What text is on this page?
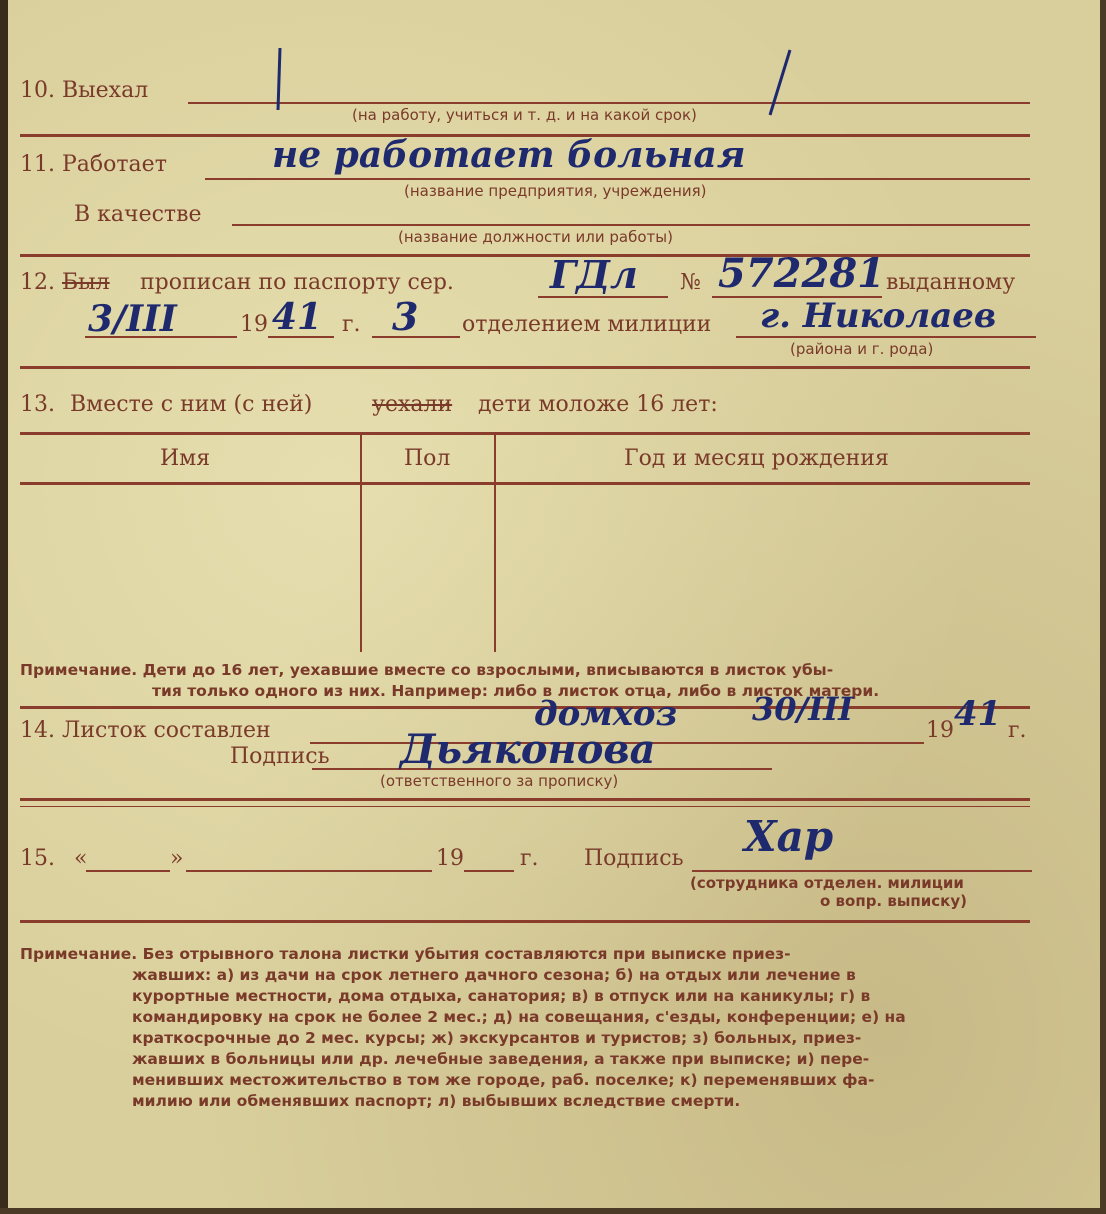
10. Выехал
(на работу, учиться и т. д. и на какой срок)
11. Работает	не работает больная
(название предприятия, учреждения)
В качестве
(название должности или работы)
12. Был прописан по паспорту сер.	ГДл № 572281 выданному
3/III	19 41 г. 3 отделением милиции г. Николаев
(района и г. рода)
13. Вместе с ним (с ней)	уехали дети моложе 16 лет:
Имя	Пол	Год и месяц рождения
Примечание. Дети до 16 лет, уехавшие вместе со взрослыми, вписываются в листок убы-
тия только одного из них. Например: либо в листок отца, либо в листок матери.
14. Листок составлен	домхоз 30/III
19 41 г.
Подпись Дьяконова
(ответственного за прописку)
15. «	»	19	г. Подпись Хар
(сотрудника отделен. милиции
о вопр. выписку)
Примечание. Без отрывного талона листки убытия составляются при выписке приез-
жавших: а) из дачи на срок летнего дачного сезона; б) на отдых или лечение в
курортные местности, дома отдыха, санатория; в) в отпуск или на каникулы; г) в
командировку на срок не более 2 мес.; д) на совещания, с'езды, конференции; е) на
краткосрочные до 2 мес. курсы; ж) экскурсантов и туристов; з) больных, приез-
жавших в больницы или др. лечебные заведения, а также при выписке; и) пере-
менивших местожительство в том же городе, раб. поселке; к) переменявших фа-
милию или обменявших паспорт; л) выбывших вследствие смерти.
